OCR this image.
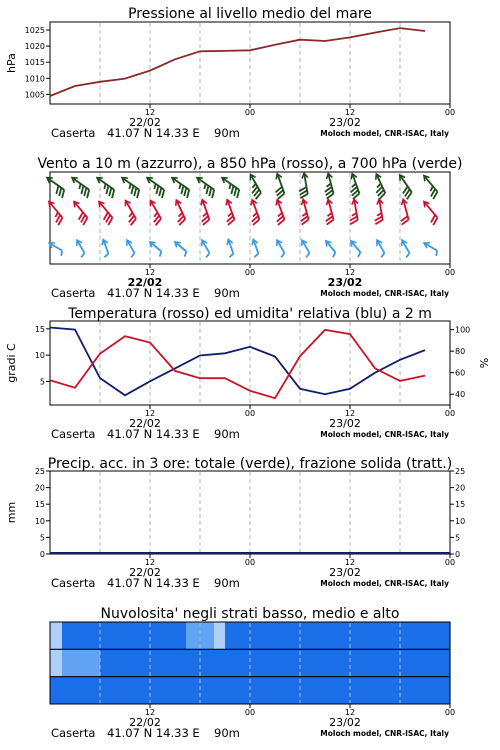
1005
1010
1015
1020
1025
Pressione al livello medio del mare
hPa
12	00	12	00
22/02	23/02
Caserta 41.07 N 14.33 E 90m	Moloch model, CNR-ISAC, Italy
Vento a 10 m (azzurro), a 850 hPa (rosso), a 700 hPa (verde)
12	00	12	00
22/02	23/02
Caserta 41.07 N 14.33 E 90m	Moloch model, CNR-ISAC, Italy
5
10
15
40
60
80
100
Temperatura (rosso) ed umidita' relativa (blu) a 2 m
gradi C	%
12	00	12	00
22/02	23/02
Caserta 41.07 N 14.33 E 90m	Moloch model, CNR-ISAC, Italy
0
5
10
15
20
25
0
5
10
15
20
25
Precip. acc. in 3 ore: totale (verde), frazione solida (tratt.)
mm
12	00	12	00
22/02	23/02
Caserta 41.07 N 14.33 E 90m	Moloch model, CNR-ISAC, Italy
Nuvolosita' negli strati basso, medio e alto
12	00	12	00
22/02	23/02
Caserta 41.07 N 14.33 E 90m	Moloch model, CNR-ISAC, Italy
